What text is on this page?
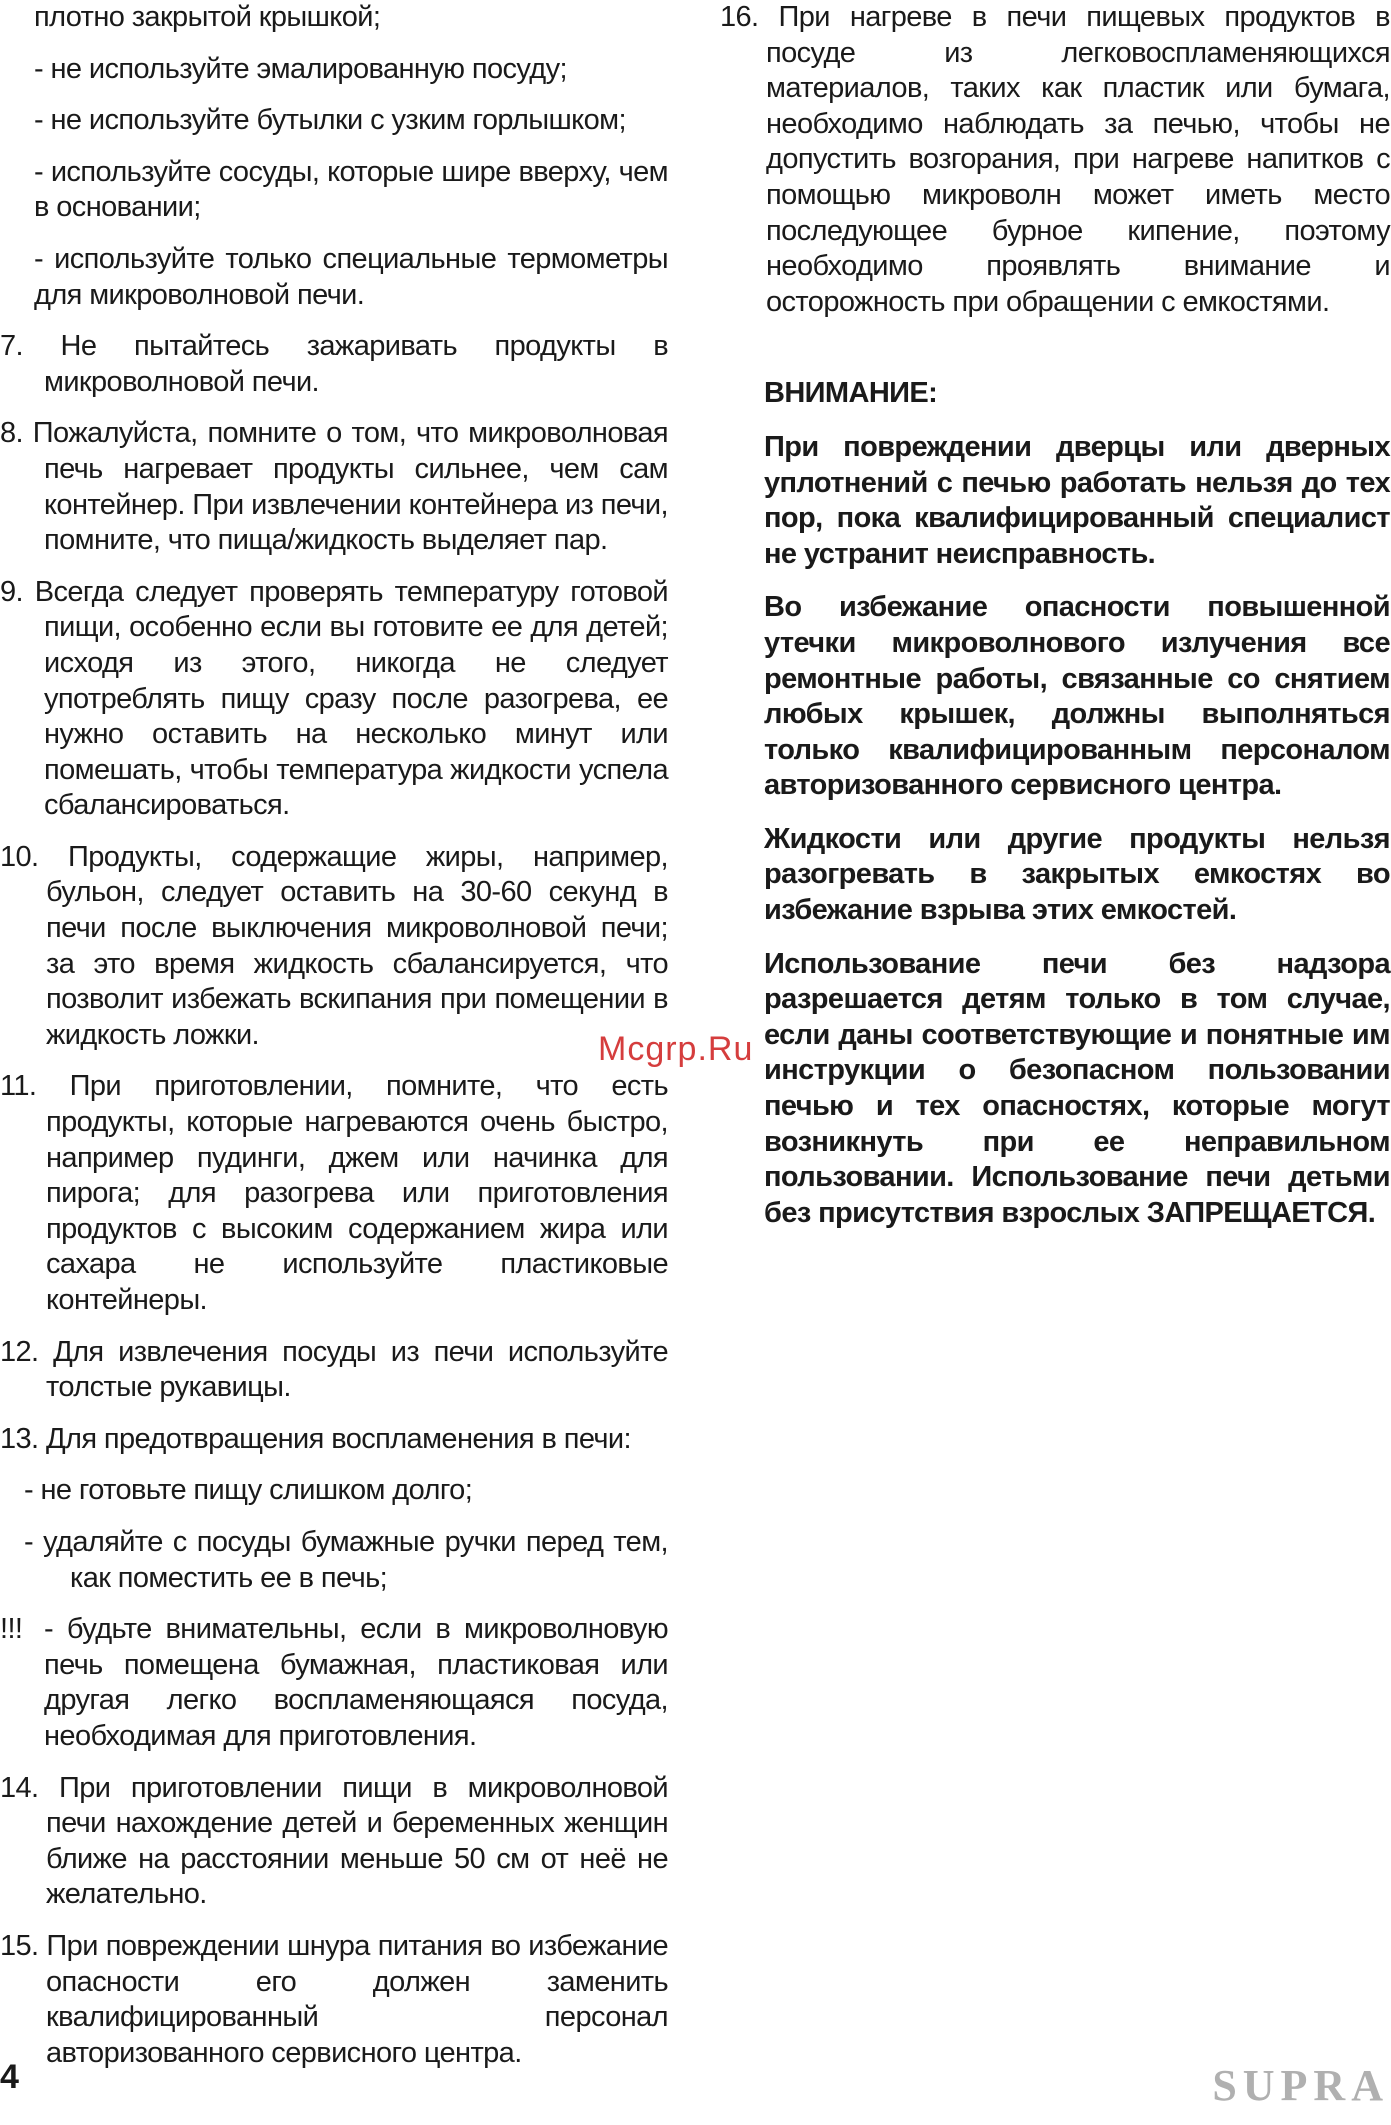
плотно закрытой крышкой;

- не используйте эмалированную посуду;

- не используйте бутылки с узким горлышком;

- используйте сосуды, которые шире вверху, чем в основании;

- используйте только специальные термометры для микроволновой печи.

7. Не пытайтесь зажаривать продукты в микроволновой печи.

8. Пожалуйста, помните о том, что микроволновая печь нагревает продукты сильнее, чем сам контейнер. При извлечении контейнера из печи, помните, что пища/жидкость выделяет пар.

9. Всегда следует проверять температуру готовой пищи, особенно если вы готовите ее для детей; исходя из этого, никогда не следует употреблять пищу сразу после разогрева, ее нужно оставить на несколько минут или помешать, чтобы температура жидкости успела сбалансироваться.

10. Продукты, содержащие жиры, например, бульон, следует оставить на 30-60 секунд в печи после выключения микроволновой печи; за это время жидкость сбалансируется, что позволит избежать вскипания при помещении в жидкость ложки.

11. При приготовлении, помните, что есть продукты, которые нагреваются очень быстро, например пудинги, джем или начинка для пирога; для разогрева или приготовления продуктов с высоким содержанием жира или сахара не используйте пластиковые контейнеры.

12. Для извлечения посуды из печи используйте толстые рукавицы.

13. Для предотвращения воспламенения в печи:

- не готовьте пищу слишком долго;

- удаляйте с посуды бумажные ручки перед тем, как поместить ее в печь;

!!! - будьте внимательны, если в микроволновую печь помещена бумажная, пластиковая или другая легко воспламеняющаяся посуда, необходимая для приготовления.

14. При приготовлении пищи в микроволновой печи нахождение детей и беременных женщин ближе на расстоянии меньше 50 см от неё не желательно.

15. При повреждении шнура питания во избежание опасности его должен заменить квалифицированный персонал авторизованного сервисного центра.

16. При нагреве в печи пищевых продуктов в посуде из легковоспламеняющихся материалов, таких как пластик или бумага, необходимо наблюдать за печью, чтобы не допустить возгорания, при нагреве напитков с помощью микроволн может иметь место последующее бурное кипение, поэтому необходимо проявлять внимание и осторожность при обращении с емкостями.

ВНИМАНИЕ:

При повреждении дверцы или дверных уплотнений с печью работать нельзя до тех пор, пока квалифицированный специалист не устранит неисправность.

Во избежание опасности повышенной утечки микроволнового излучения все ремонтные работы, связанные со снятием любых крышек, должны выполняться только квалифицированным персоналом авторизованного сервисного центра.

Жидкости или другие продукты нельзя разогревать в закрытых емкостях во избежание взрыва этих емкостей.

Использование печи без надзора разрешается детям только в том случае, если даны соответствующие и понятные им инструкции о безопасном пользовании печью и тех опасностях, которые могут возникнуть при ее неправильном пользовании. Использование печи детьми без присутствия взрослых ЗАПРЕЩАЕТСЯ.

Mcgrp.Ru
4	SUPRA
